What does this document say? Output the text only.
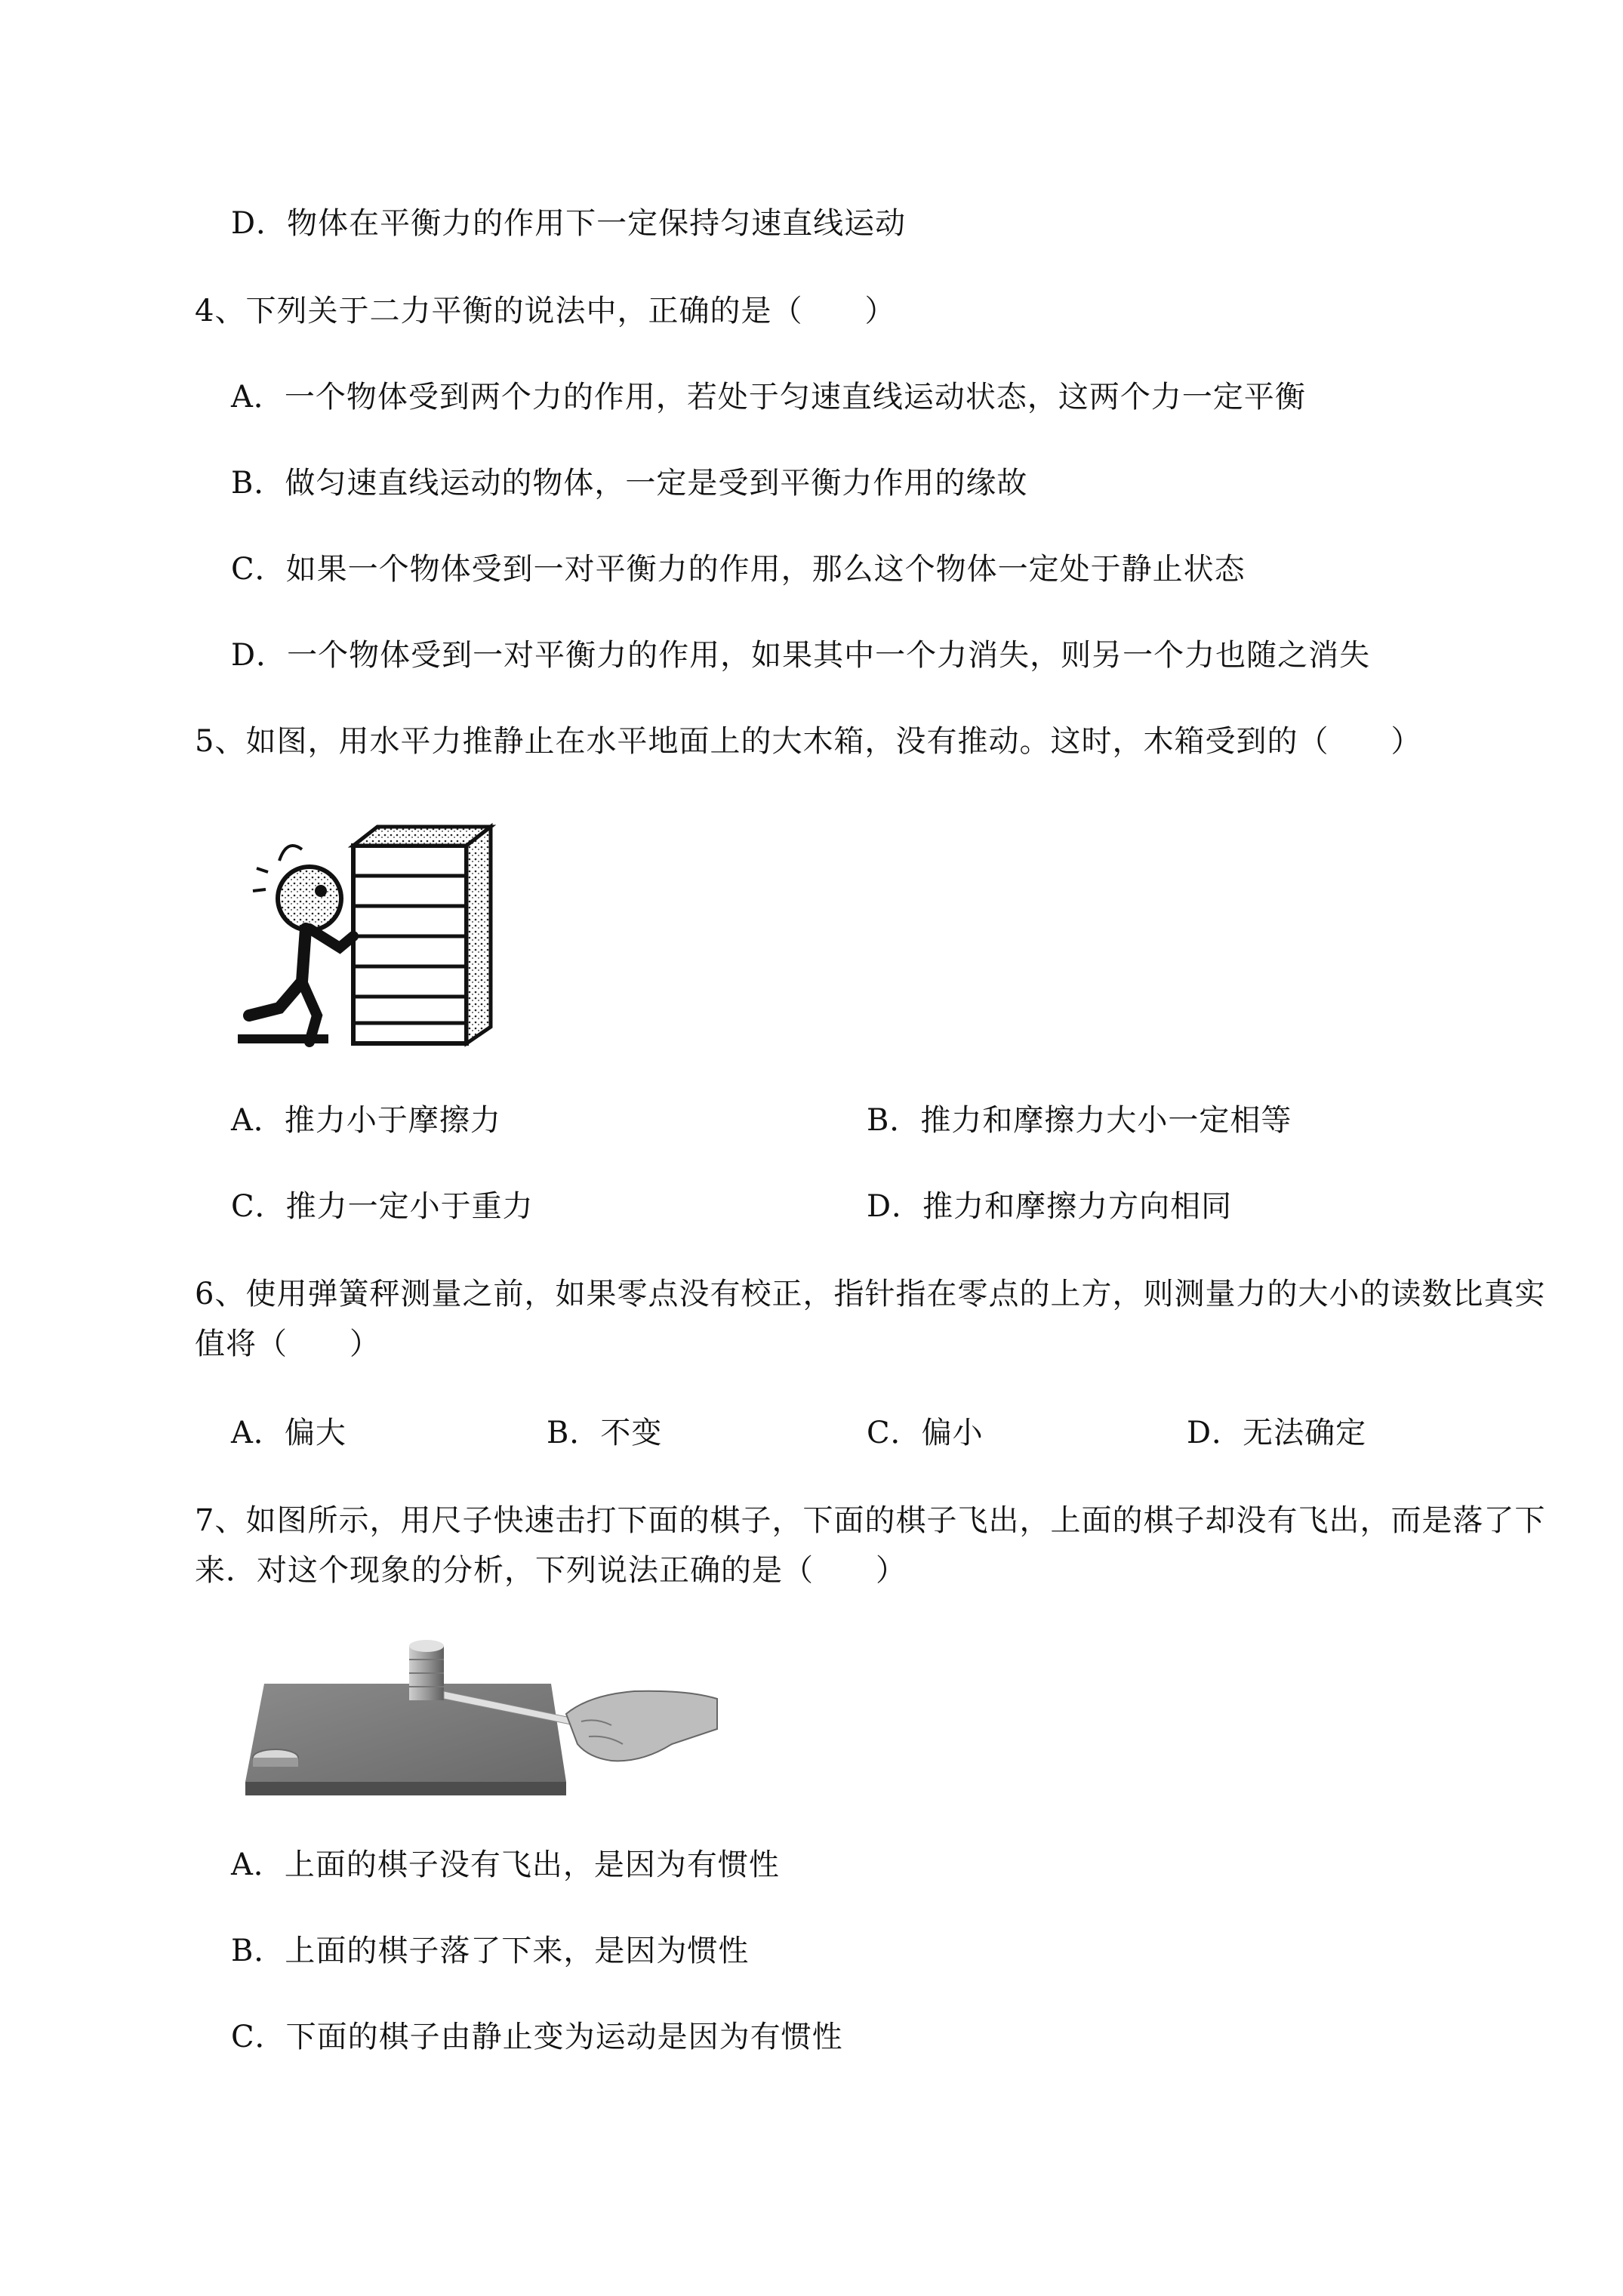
D．物体在平衡力的作用下一定保持匀速直线运动
4、下列关于二力平衡的说法中，正确的是（　　）
A．一个物体受到两个力的作用，若处于匀速直线运动状态，这两个力一定平衡
B．做匀速直线运动的物体，一定是受到平衡力作用的缘故
C．如果一个物体受到一对平衡力的作用，那么这个物体一定处于静止状态
D．一个物体受到一对平衡力的作用，如果其中一个力消失，则另一个力也随之消失
5、如图，用水平力推静止在水平地面上的大木箱，没有推动。这时，木箱受到的（　　）
A．推力小于摩擦力	B．推力和摩擦力大小一定相等
C．推力一定小于重力	D．推力和摩擦力方向相同
6、使用弹簧秤测量之前，如果零点没有校正，指针指在零点的上方，则测量力的大小的读数比真实
值将（　　）
A．偏大	B．不变	C．偏小	D．无法确定
7、如图所示，用尺子快速击打下面的棋子，下面的棋子飞出，上面的棋子却没有飞出，而是落了下
来．对这个现象的分析，下列说法正确的是（　　）
A．上面的棋子没有飞出，是因为有惯性
B．上面的棋子落了下来，是因为惯性
C．下面的棋子由静止变为运动是因为有惯性
